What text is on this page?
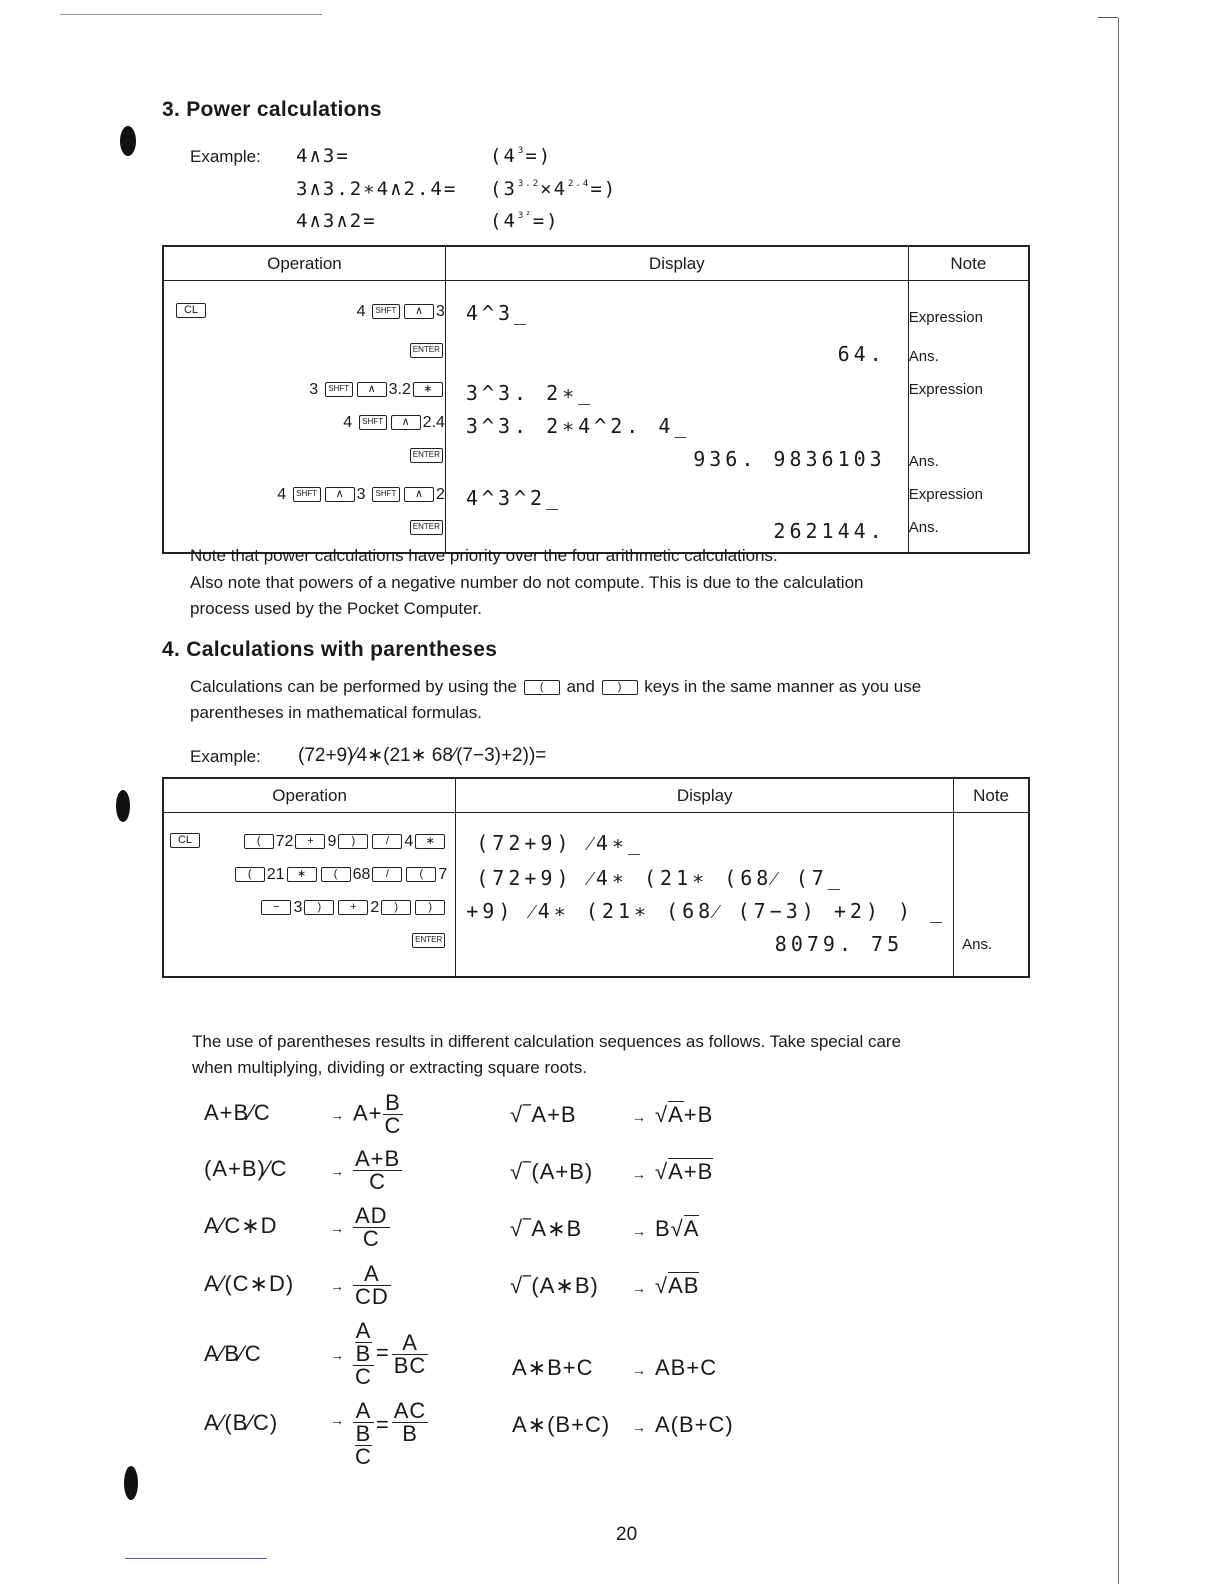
3. Power calculations
Example: 4∧3=
3∧3.2∗4∧2.4=
4∧3∧2=
$(4^3=)$
$(3^{3.2}\times 4^{2.4}=)$
$(4^{3^2}=)$
Operation	Display	Note

CL 4 SHFT ∧ 3	4^3_	Expression
ENTER	64.	Ans.
3 SHFT ∧ 3.2 ∗	3^3. 2∗_	Expression
4 SHFT ∧ 2.4	3^3. 2∗4^2. 4_	

ENTER	936. 9836103	Ans.
4 SHFT ∧ 3 SHFT ∧ 2	4^3^2_	Expression
ENTER	262144.	Ans.
Note that power calculations have priority over the four arithmetic calculations.
Also note that powers of a negative number do not compute. This is due to the calculation
process used by the Pocket Computer.
4. Calculations with parentheses
Calculations can be performed by using the ( and ) keys in the same manner as you use
parentheses in mathematical formulas.
Example: (72+9)⁄4∗(21∗ 68⁄(7−3)+2))=
Operation	Display	Note

CL ( 72 + 9 ) / 4 ∗	(72+9) ⁄4∗_	

( 21 ∗ ( 68 / ( 7	(72+9) ⁄4∗ (21∗ (68⁄ (7_	

− 3 ) + 2 ) )	+9) ⁄4∗ (21∗ (68⁄ (7−3) +2) ) _	

ENTER	8079. 75	Ans.
The use of parentheses results in different calculation sequences as follows. Take special care
when multiplying, dividing or extracting square roots.
A+B⁄C	→ $A+ \frac{B}{C}$
(A+B)⁄C	→ $\frac{A+B}{C}$
A⁄C∗D	→ $\frac{AD}{C}$
A⁄(C∗D)	→ $\frac{A}{CD}$
A⁄B⁄C	→ A
B
$C = \frac{A}{BC}$
A⁄(B⁄C)	→ A
B
$C = \frac{AC}{B}$
√‾A+B	→ √A+B
√‾(A+B)	→ √A+B
√‾A∗B	→ B√A
√‾(A∗B) → √AB
A∗B+C	→ AB+C
A∗(B+C) → A(B+C)
20
